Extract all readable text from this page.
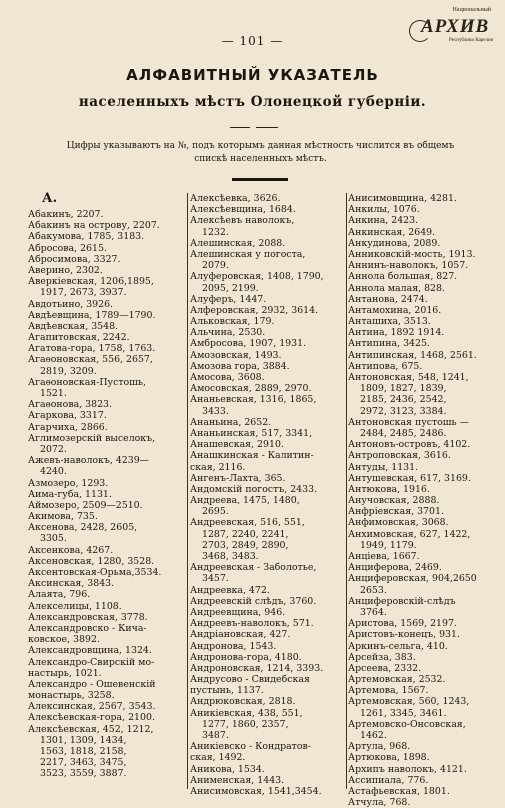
Национальный
АРХИВ
Республики Карелия
— 101 —
АЛФАВИТНЫЙ УКАЗАТЕЛЬ
населенныхъ мѣстъ Олонецкой губерніи.
Цифры указываютъ на №, подъ которымъ данная мѣстность числится въ общемъ
спискѣ населенныхъ мѣстъ.
А.
Абакинъ, 2207.
Абакинъ на острову, 2207.
Абакумова, 1785, 3183.
Абросова, 2615.
Абросимова, 3327.
Аверино, 2302.
Аверкіевская, 1206,1895,
1917, 2673, 3937.
Авдотьино, 3926.
Авдѣевщина, 1789—1790.
Авдѣевская, 3548.
Агапитовская, 2242.
Агатова-гора, 1758, 1763.
Агаѳоновская, 556, 2657,
2819, 3209.
Агаѳоновская-Пустошь,
1521.
Агаѳонова, 3823.
Агаркова, 3317.
Агарчиха, 2866.
Аглимозерскій выселокъ,
2072.
Ажевъ-наволокъ, 4239—
4240.
Азмозеро, 1293.
Аима-губа, 1131.
Аймозеро, 2509—2510.
Акимова, 735.
Аксенова, 2428, 2605,
3305.
Аксенкова, 4267.
Аксеновская, 1280, 3528.
Аксентовская-Орьма,3534.
Аксинская, 3843.
Алаята, 796.
Алекселицы, 1108.
Александровская, 3778.
Александровско - Кича-
ковское, 3892.
Александровщина, 1324.
Александро-Свирскій мо-
настырь, 1021.
Александро - Ошевенскій
монастырь, 3258.
Алексинская, 2567, 3543.
Алексѣевская-гора, 2100.
Алексѣевская, 452, 1212,
1301, 1309, 1434,
1563, 1818, 2158,
2217, 3463, 3475,
3523, 3559, 3887.
Алексѣевка, 3626.
Алексѣевщина, 1684.
Алексѣевъ наволокъ,
1232.
Алешинская, 2088.
Алешинская у погоста,
2079.
Алуферовская, 1408, 1790,
2095, 2199.
Алуферъ, 1447.
Алферовская, 2932, 3614.
Альковская, 179.
Альчина, 2530.
Амбросова, 1907, 1931.
Амозовская, 1493.
Амозова гора, 3884.
Амосова, 3608.
Амосовская, 2889, 2970.
Ананьевская, 1316, 1865,
3433.
Ананьина, 2652.
Ананьинская, 517, 3341,
Анашевская, 2910.
Анашкинская - Калитин-
ская, 2116.
Ангенъ-Лахта, 365.
Андомскій погостъ, 2433.
Андреева, 1475, 1480,
2695.
Андреевская, 516, 551,
1287, 2240, 2241,
2703, 2849, 2890,
3468, 3483.
Андреевская - Заболотье,
3457.
Андреевка, 472.
Андреевскій слѣдъ, 3760.
Андреевщина, 946.
Андреевъ-наволокъ, 571.
Андріановская, 427.
Андронова, 1543.
Андронова-гора, 4180.
Андроновская, 1214, 3393.
Андрусово - Свидебская
пустынь, 1137.
Андрюковская, 2818.
Аникіевская, 438, 551,
1277, 1860, 2357,
3487.
Аникіевско - Кондратов-
ская, 1492.
Аникова, 1534.
Анименская, 1443.
Анисимовская, 1541,3454.
Анисимовщина, 4281.
Анкилы, 1076.
Анкина, 2423.
Анкинская, 2649.
Анкудинова, 2089.
Анниковскій-мость, 1913.
Аннинъ-наволокъ, 1057.
Аннола большая, 827.
Аннола малая, 828.
Антанова, 2474.
Антамохина, 2016.
Анташиха, 3513.
Антина, 1892 1914.
Антипина, 3425.
Антипинская, 1468, 2561.
Антипова, 675.
Антоновская, 548, 1241,
1809, 1827, 1839,
2185, 2436, 2542,
2972, 3123, 3384.
Антоновская пустошь —
2484, 2485, 2486.
Антоновъ-островъ, 4102.
Антроповская, 3616.
Антуды, 1131.
Антушевская, 617, 3169.
Антюкова, 1916.
Анучовская, 2888.
Анфріевская, 3701.
Анфимовская, 3068.
Анхимовская, 627, 1422,
1949, 1179.
Анціева, 1667.
Анциферова, 2469.
Анциферовская, 904,2650
2653.
Анциферовскій-слѣдъ
3764.
Аристова, 1569, 2197.
Аристовъ-конецъ, 931.
Аркинъ-сельга, 410.
Арсейза, 383.
Арсеева, 2332.
Артемовская, 2532.
Артемова, 1567.
Артемовская, 560, 1243,
1261, 3345, 3461.
Артемовско-Онсовская,
1462.
Артула, 968.
Артюкова, 1898.
Архипъ наволокъ, 4121.
Ассипиала, 776.
Астафьевская, 1801.
Атчула, 768.
